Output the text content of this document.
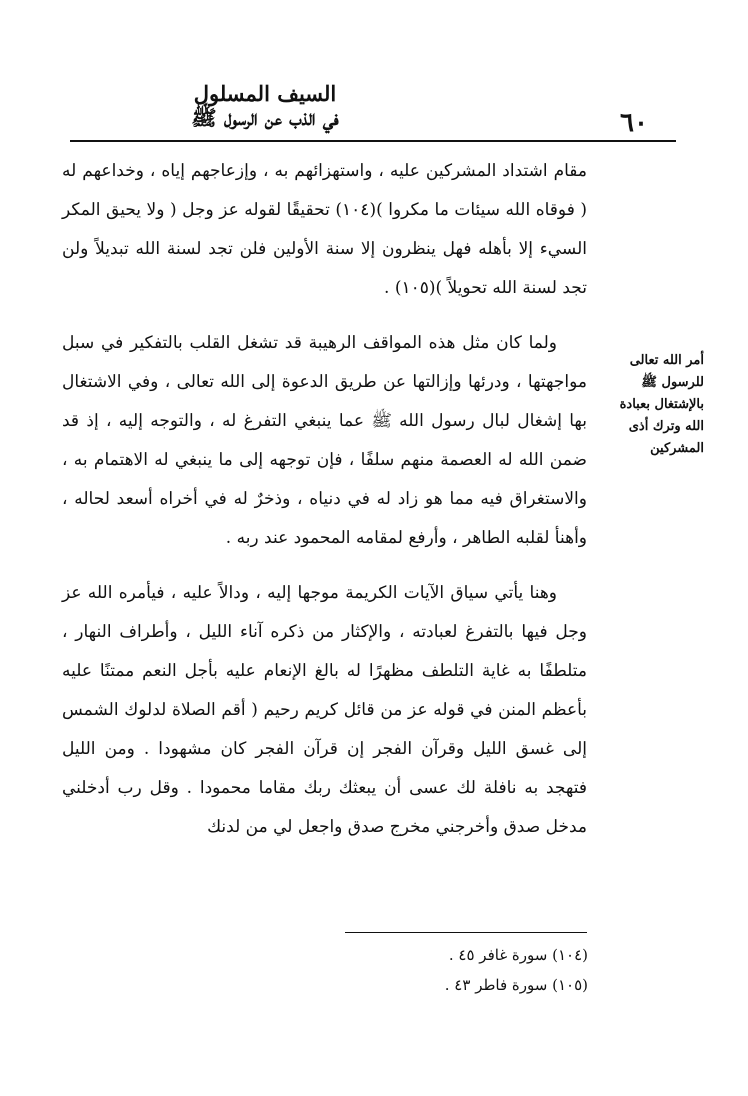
السيف المسلول
في الذب عن الرسول ﷺ	٦٠
أمر الله تعالى للرسول ﷺ بالإشتغال بعبادة الله وترك أذى المشركين

مقام اشتداد المشركين عليه ، واستهزائهم به ، وإزعاجهم إياه ، وخداعهم له ( فوقاه الله سيئات ما مكروا )(١٠٤) تحقيقًا لقوله عز وجل ( ولا يحيق المكر السيء إلا بأهله فهل ينظرون إلا سنة الأولين فلن تجد لسنة الله تبديلاً ولن تجد لسنة الله تحويلاً )(١٠٥) .

ولما كان مثل هذه المواقف الرهيبة قد تشغل القلب بالتفكير في سبل مواجهتها ، ودرئها وإزالتها عن طريق الدعوة إلى الله تعالى ، وفي الاشتغال بها إشغال لبال رسول الله ﷺ عما ينبغي التفرغ له ، والتوجه إليه ، إذ قد ضمن الله له العصمة منهم سلفًا ، فإن توجهه إلى ما ينبغي له الاهتمام به ، والاستغراق فيه مما هو زاد له في دنياه ، وذخرٌ له في أخراه أسعد لحاله ، وأهنأ لقلبه الطاهر ، وأرفع لمقامه المحمود عند ربه .

وهنا يأتي سياق الآيات الكريمة موجها إليه ، ودالاً عليه ، فيأمره الله عز وجل فيها بالتفرغ لعبادته ، والإكثار من ذكره آناء الليل ، وأطراف النهار ، متلطفًا به غاية التلطف مظهرًا له بالغ الإنعام عليه بأجل النعم ممتنًا عليه بأعظم المنن في قوله عز من قائل كريم رحيم ( أقم الصلاة لدلوك الشمس إلى غسق الليل وقرآن الفجر إن قرآن الفجر كان مشهودا . ومن الليل فتهجد به نافلة لك عسى أن يبعثك ربك مقاما محمودا . وقل رب أدخلني مدخل صدق وأخرجني مخرج صدق واجعل لي من لدنك

(١٠٤) سورة غافر ٤٥ .
(١٠٥) سورة فاطر ٤٣ .
